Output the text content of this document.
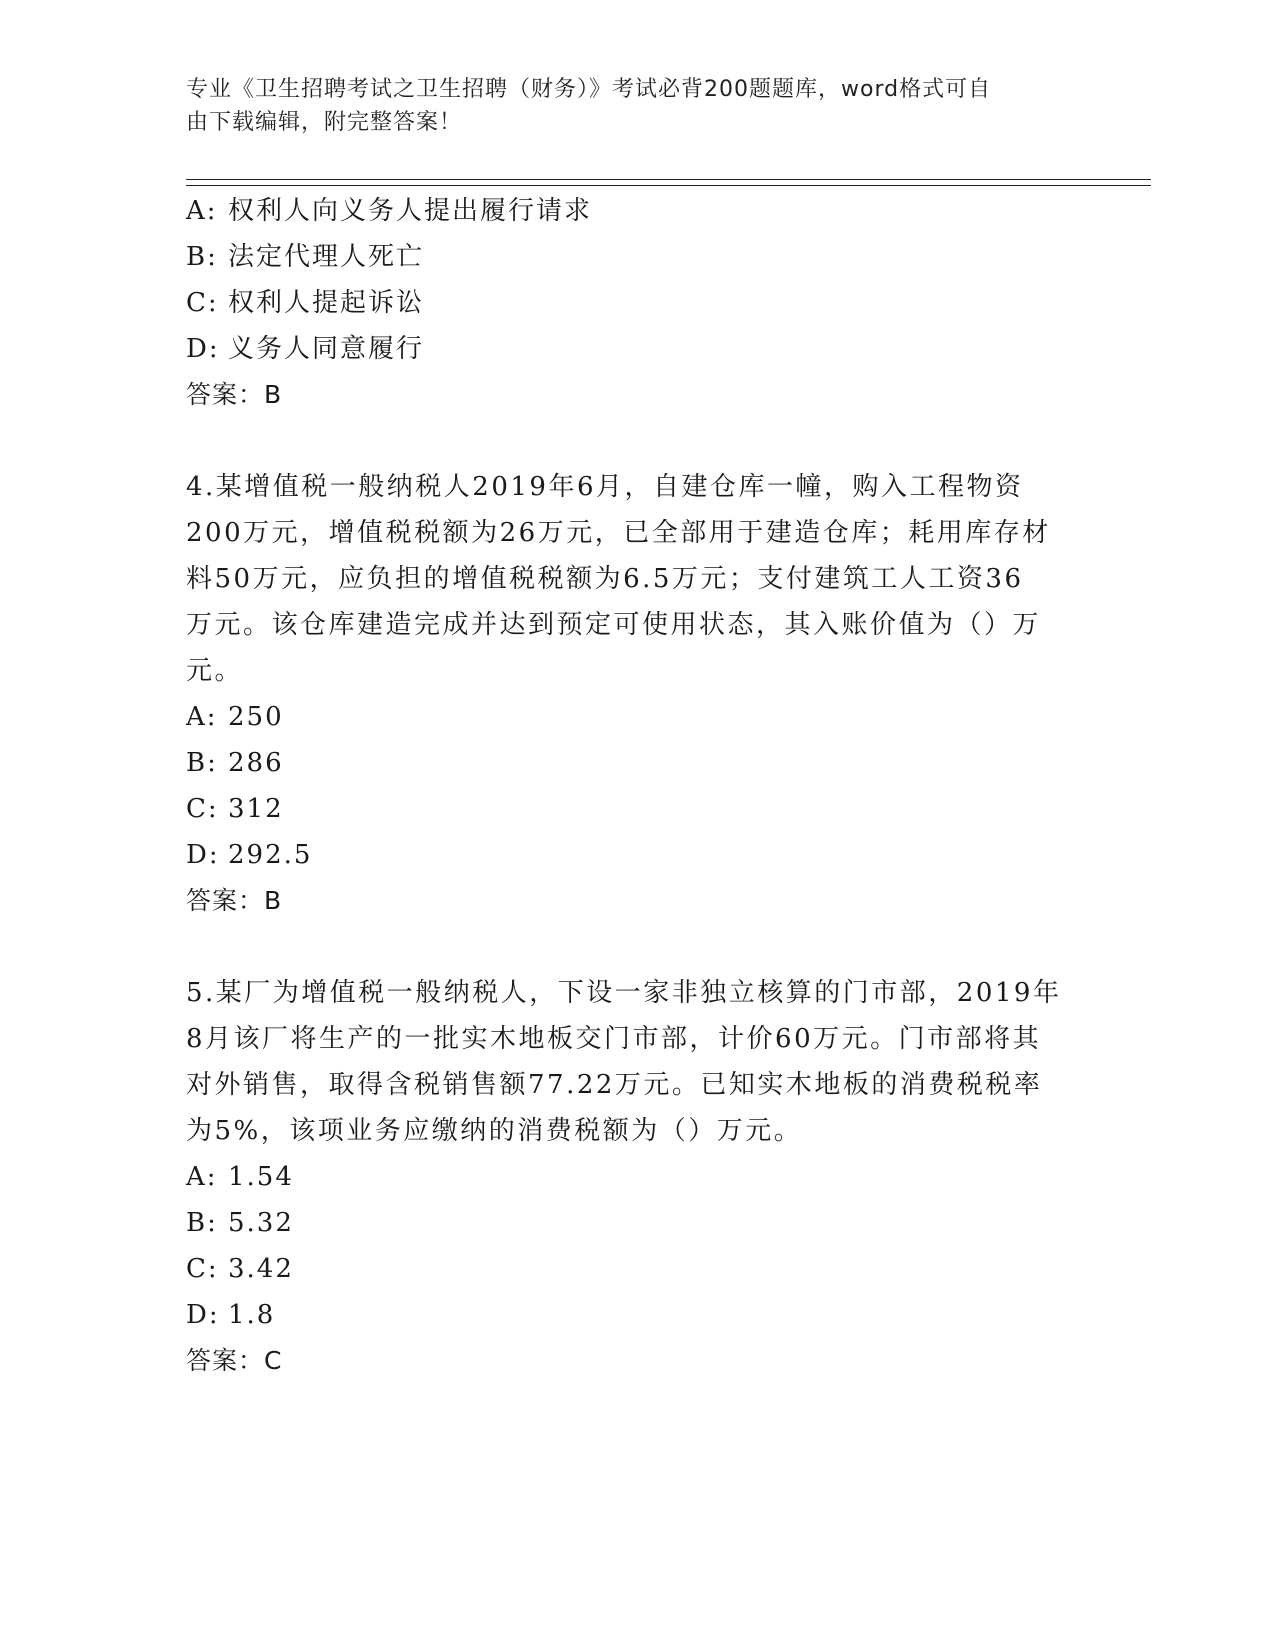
专业《卫生招聘考试之卫生招聘（财务）》考试必背200题题库，word格式可自
由下载编辑，附完整答案！
A: 权利人向义务人提出履行请求
B: 法定代理人死亡
C: 权利人提起诉讼
D: 义务人同意履行
答案：B
4.某增值税一般纳税人2019年6月，自建仓库一幢，购入工程物资
200万元，增值税税额为26万元，已全部用于建造仓库；耗用库存材
料50万元，应负担的增值税税额为6.5万元；支付建筑工人工资36
万元。该仓库建造完成并达到预定可使用状态，其入账价值为（）万
元。
A: 250
B: 286
C: 312
D: 292.5
答案：B
5.某厂为增值税一般纳税人，下设一家非独立核算的门市部，2019年
8月该厂将生产的一批实木地板交门市部，计价60万元。门市部将其
对外销售，取得含税销售额77.22万元。已知实木地板的消费税税率
为5%，该项业务应缴纳的消费税额为（）万元。
A: 1.54
B: 5.32
C: 3.42
D: 1.8
答案：C
